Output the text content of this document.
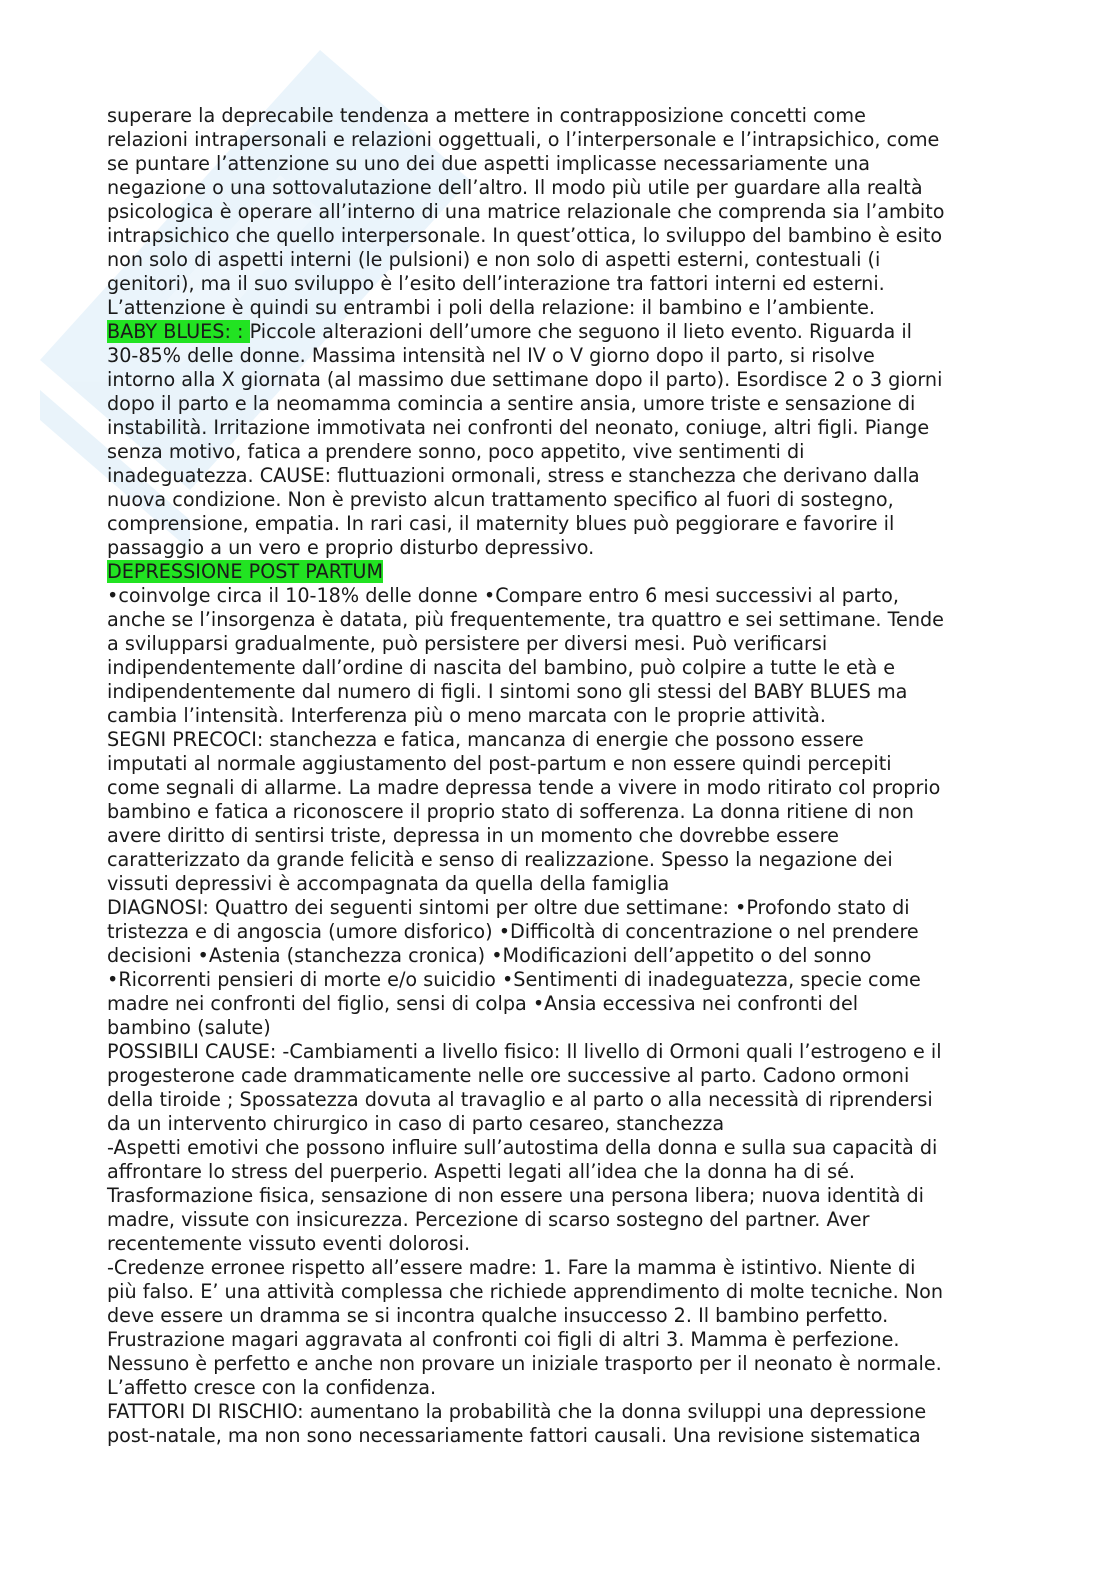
superare la deprecabile tendenza a mettere in contrapposizione concetti come
relazioni intrapersonali e relazioni oggettuali, o l’interpersonale e l’intrapsichico, come
se puntare l’attenzione su uno dei due aspetti implicasse necessariamente una
negazione o una sottovalutazione dell’altro. Il modo più utile per guardare alla realtà
psicologica è operare all’interno di una matrice relazionale che comprenda sia l’ambito
intrapsichico che quello interpersonale. In quest’ottica, lo sviluppo del bambino è esito
non solo di aspetti interni (le pulsioni) e non solo di aspetti esterni, contestuali (i
genitori), ma il suo sviluppo è l’esito dell’interazione tra fattori interni ed esterni.
L’attenzione è quindi su entrambi i poli della relazione: il bambino e l’ambiente.
BABY BLUES: : Piccole alterazioni dell’umore che seguono il lieto evento. Riguarda il
30-85% delle donne. Massima intensità nel IV o V giorno dopo il parto, si risolve
intorno alla X giornata (al massimo due settimane dopo il parto). Esordisce 2 o 3 giorni
dopo il parto e la neomamma comincia a sentire ansia, umore triste e sensazione di
instabilità. Irritazione immotivata nei confronti del neonato, coniuge, altri figli. Piange
senza motivo, fatica a prendere sonno, poco appetito, vive sentimenti di
inadeguatezza. CAUSE: fluttuazioni ormonali, stress e stanchezza che derivano dalla
nuova condizione. Non è previsto alcun trattamento specifico al fuori di sostegno,
comprensione, empatia. In rari casi, il maternity blues può peggiorare e favorire il
passaggio a un vero e proprio disturbo depressivo.
DEPRESSIONE POST PARTUM
•coinvolge circa il 10-18% delle donne •Compare entro 6 mesi successivi al parto,
anche se l’insorgenza è datata, più frequentemente, tra quattro e sei settimane. Tende
a svilupparsi gradualmente, può persistere per diversi mesi. Può verificarsi
indipendentemente dall’ordine di nascita del bambino, può colpire a tutte le età e
indipendentemente dal numero di figli. I sintomi sono gli stessi del BABY BLUES ma
cambia l’intensità. Interferenza più o meno marcata con le proprie attività.
SEGNI PRECOCI: stanchezza e fatica, mancanza di energie che possono essere
imputati al normale aggiustamento del post-partum e non essere quindi percepiti
come segnali di allarme. La madre depressa tende a vivere in modo ritirato col proprio
bambino e fatica a riconoscere il proprio stato di sofferenza. La donna ritiene di non
avere diritto di sentirsi triste, depressa in un momento che dovrebbe essere
caratterizzato da grande felicità e senso di realizzazione. Spesso la negazione dei
vissuti depressivi è accompagnata da quella della famiglia
DIAGNOSI: Quattro dei seguenti sintomi per oltre due settimane: •Profondo stato di
tristezza e di angoscia (umore disforico) •Difficoltà di concentrazione o nel prendere
decisioni •Astenia (stanchezza cronica) •Modificazioni dell’appetito o del sonno
•Ricorrenti pensieri di morte e/o suicidio •Sentimenti di inadeguatezza, specie come
madre nei confronti del figlio, sensi di colpa •Ansia eccessiva nei confronti del
bambino (salute)
POSSIBILI CAUSE: -Cambiamenti a livello fisico: Il livello di Ormoni quali l’estrogeno e il
progesterone cade drammaticamente nelle ore successive al parto. Cadono ormoni
della tiroide ; Spossatezza dovuta al travaglio e al parto o alla necessità di riprendersi
da un intervento chirurgico in caso di parto cesareo, stanchezza
-Aspetti emotivi che possono influire sull’autostima della donna e sulla sua capacità di
affrontare lo stress del puerperio. Aspetti legati all’idea che la donna ha di sé.
Trasformazione fisica, sensazione di non essere una persona libera; nuova identità di
madre, vissute con insicurezza. Percezione di scarso sostegno del partner. Aver
recentemente vissuto eventi dolorosi.
-Credenze erronee rispetto all’essere madre: 1. Fare la mamma è istintivo. Niente di
più falso. E’ una attività complessa che richiede apprendimento di molte tecniche. Non
deve essere un dramma se si incontra qualche insuccesso 2. Il bambino perfetto.
Frustrazione magari aggravata al confronti coi figli di altri 3. Mamma è perfezione.
Nessuno è perfetto e anche non provare un iniziale trasporto per il neonato è normale.
L’affetto cresce con la confidenza.
FATTORI DI RISCHIO: aumentano la probabilità che la donna sviluppi una depressione
post-natale, ma non sono necessariamente fattori causali. Una revisione sistematica
